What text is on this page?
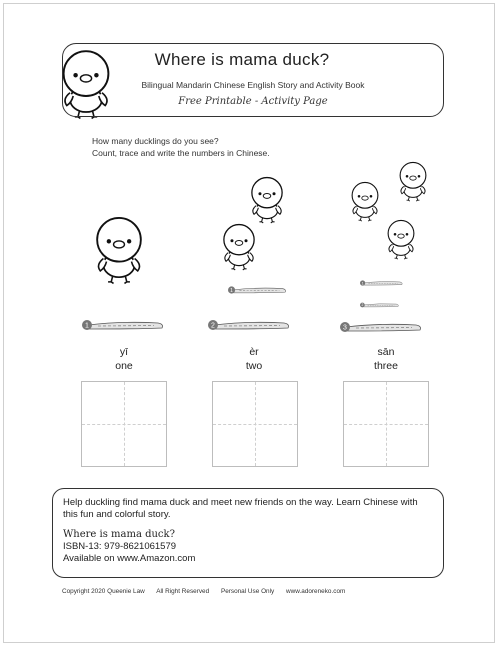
Where is mama duck?
Bilingual Mandarin Chinese English Story and Activity Book
Free Printable - Activity Page
How many ducklings do you see?
Count, trace and write the numbers in Chinese.
1
1
2
1
2
3
yī
one
èr
two
sān
three
Help duckling find mama duck and meet new friends on the way. Learn Chinese with this fun and colorful story.
Where is mama duck?
ISBN-13: 979-8621061579
Available on www.Amazon.com
Copyright 2020 Queenie Law All Right Reserved Personal Use Only www.adoreneko.com
